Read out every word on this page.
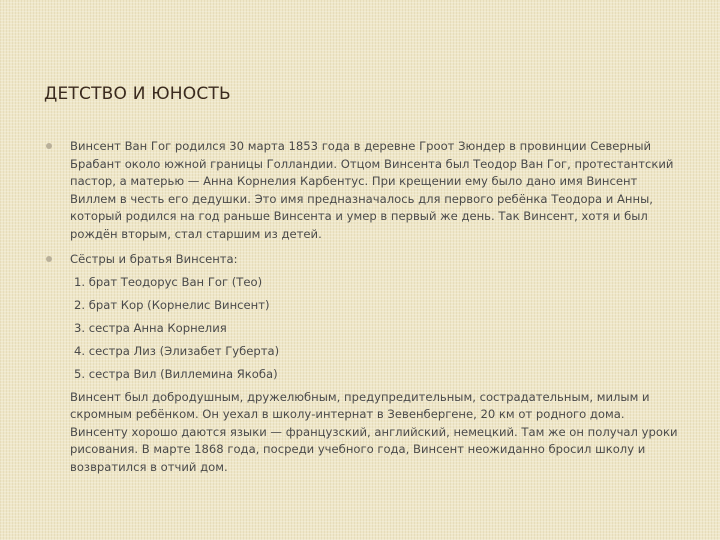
ДЕТСТВО И ЮНОСТЬ
Винсент Ван Гог родился 30 марта 1853 года в деревне Гроот Зюндер в провинции Северный Брабант около южной границы Голландии. Отцом Винсента был Теодор Ван Гог, протестантский пастор, а матерью — Анна Корнелия Карбентус. При крещении ему было дано имя Винсент Виллем в честь его дедушки. Это имя предназначалось для первого ребёнка Теодора и Анны, который родился на год раньше Винсента и умер в первый же день. Так Винсент, хотя и был рождён вторым, стал старшим из детей.
Сёстры и братья Винсента:
1. брат Теодорус Ван Гог (Тео)
2. брат Кор (Корнелис Винсент)
3. сестра Анна Корнелия
4. сестра Лиз (Элизабет Губерта)
5. сестра Вил (Виллемина Якоба)

Винсент был добродушным, дружелюбным, предупредительным, сострадательным, милым и скромным ребёнком. Он уехал в школу-интернат в Зевенбергене, 20 км от родного дома. Винсенту хорошо даются языки — французский, английский, немецкий. Там же он получал уроки рисования. В марте 1868 года, посреди учебного года, Винсент неожиданно бросил школу и возвратился в отчий дом.
